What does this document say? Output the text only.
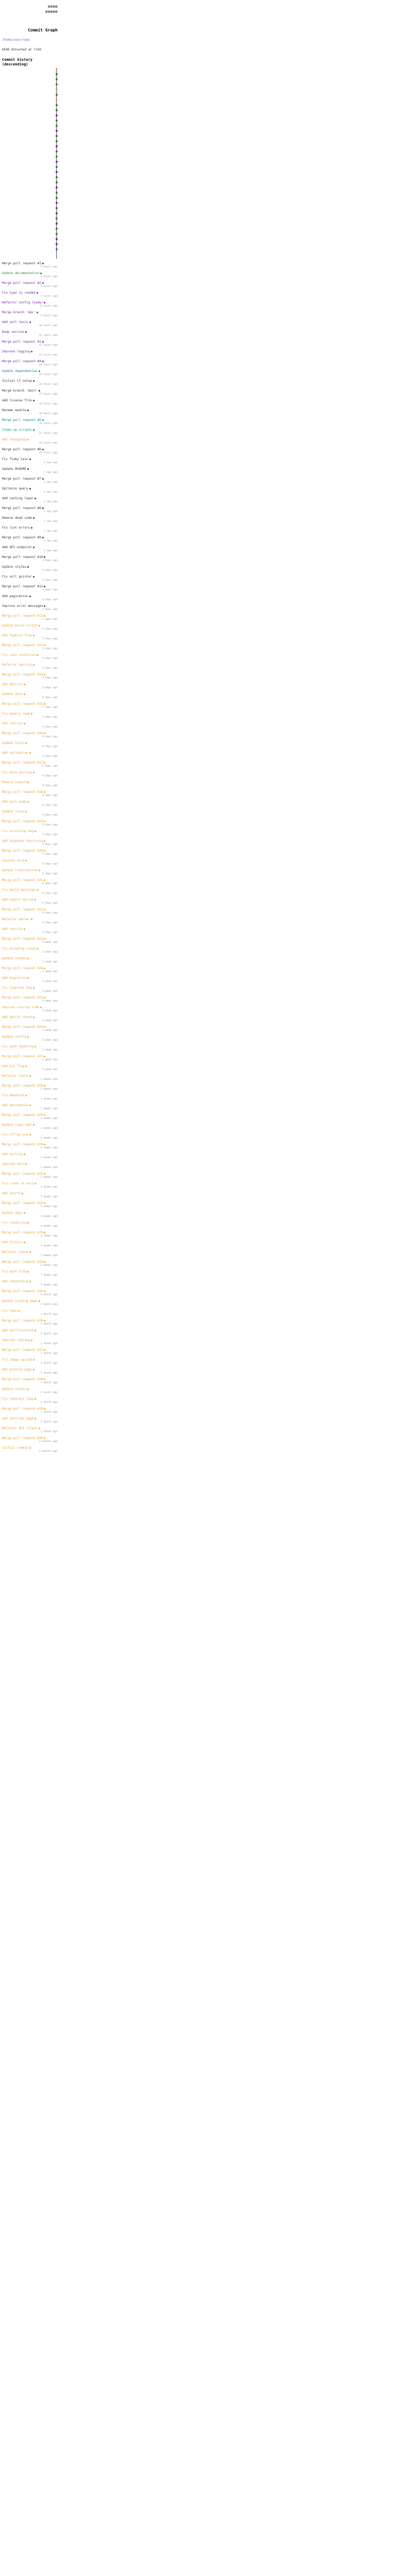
eeee
eeeee
Commit Graph
/home/user/repo
HEAD detached at 7c9d
Commit history (descending)
Merge pull request #1
4 hours ago
Update documentation
5 hours ago
Merge pull request #2
6 hours ago
Fix typo in readme
7 hours ago
Refactor config loader
8 hours ago
Merge branch 'dev'
9 hours ago
Add unit tests
10 hours ago
Bump version
11 hours ago
Merge pull request #3
12 hours ago
Improve logging
13 hours ago
Merge pull request #4
14 hours ago
Update dependencies
15 hours ago
Initial CI setup
16 hours ago
Merge branch 'main'
17 hours ago
Add license file
18 hours ago
Rename module
19 hours ago
Merge pull request #5
20 hours ago
Clean up scripts
21 hours ago
Add changelog
22 hours ago
Merge pull request #6
23 hours ago
Fix flaky test
1 day ago
Update README
1 day ago
Merge pull request #7
1 day ago
Optimize query
1 day ago
Add caching layer
1 day ago
Merge pull request #8
1 day ago
Remove dead code
1 day ago
Fix lint errors
1 day ago
Merge pull request #9
1 day ago
Add API endpoint
1 day ago
Merge pull request #10
2 days ago
Update styles
2 days ago
Fix null pointer
2 days ago
Merge pull request #11
2 days ago
Add pagination
2 days ago
Improve error messages
2 days ago
Merge pull request #12
2 days ago
Update build script
2 days ago
Add feature flag
2 days ago
Merge pull request #13
2 days ago
Fix race condition
3 days ago
Refactor service
3 days ago
Merge pull request #14
3 days ago
Add metrics
3 days ago
Update docs
3 days ago
Merge pull request #15
3 days ago
Fix memory leak
3 days ago
Add retries
3 days ago
Merge pull request #16
4 days ago
Update tests
4 days ago
Add validation
4 days ago
Merge pull request #17
4 days ago
Fix date parsing
4 days ago
Rework layout
4 days ago
Merge pull request #18
4 days ago
Add dark mode
4 days ago
Update icons
5 days ago
Merge pull request #19
5 days ago
Fix scrolling bug
5 days ago
Add keyboard shortcuts
5 days ago
Merge pull request #20
5 days ago
Improve a11y
5 days ago
Update translations
5 days ago
Merge pull request #21
6 days ago
Fix build warnings
6 days ago
Add export option
6 days ago
Merge pull request #22
6 days ago
Refactor parser
6 days ago
Add tooltip
6 days ago
Merge pull request #23
1 week ago
Fix encoding issue
1 week ago
Update schema
1 week ago
Merge pull request #24
1 week ago
Add migration
1 week ago
Fix timezone bug
1 week ago
Merge pull request #25
1 week ago
Improve startup time
1 week ago
Add health check
1 week ago
Merge pull request #26
1 week ago
Update config
1 week ago
Fix path handling
1 week ago
Merge pull request #27
1 week ago
Add CLI flag
1 week ago
Refactor tests
2 weeks ago
Merge pull request #28
2 weeks ago
Fix deadlock
2 weeks ago
Add benchmarks
2 weeks ago
Merge pull request #29
2 weeks ago
Update copyright
2 weeks ago
Fix off-by-one
2 weeks ago
Merge pull request #30
2 weeks ago
Add sorting
2 weeks ago
Improve docs
2 weeks ago
Merge pull request #31
2 weeks ago
Fix crash on exit
2 weeks ago
Add search
3 weeks ago
Merge pull request #32
3 weeks ago
Update deps
3 weeks ago
Fix rendering
3 weeks ago
Merge pull request #33
3 weeks ago
Add filters
3 weeks ago
Refactor store
3 weeks ago
Merge pull request #34
3 weeks ago
Fix auth flow
3 weeks ago
Add onboarding
3 weeks ago
Merge pull request #35
1 month ago
Update landing page
1 month ago
Fix typo
1 month ago
Merge pull request #36
1 month ago
Add notifications
1 month ago
Improve caching
1 month ago
Merge pull request #37
1 month ago
Fix image upload
1 month ago
Add profile page
1 month ago
Merge pull request #38
1 month ago
Update routes
1 month ago
Fix redirect loop
1 month ago
Merge pull request #39
1 month ago
Add settings page
1 month ago
Refactor API client
1 month ago
Merge pull request #40
2 months ago
Initial commit
2 months ago
